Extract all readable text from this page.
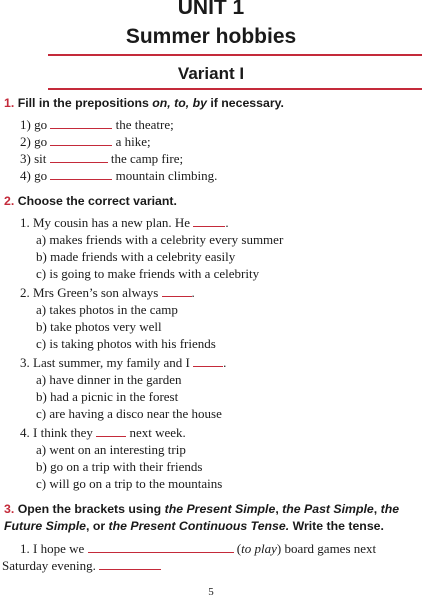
UNIT 1
Summer hobbies
Variant I
1. Fill in the prepositions on, to, by if necessary.
1) go	the theatre;
2) go	a hike;
3) sit	the camp fire;
4) go	mountain climbing.
2. Choose the correct variant.
1. My cousin has a new plan. He	.
a) makes friends with a celebrity every summer
b) made friends with a celebrity easily
c) is going to make friends with a celebrity
2. Mrs Green’s son always	.
a) takes photos in the camp
b) take photos very well
c) is taking photos with his friends
3. Last summer, my family and I	.
a) have dinner in the garden
b) had a picnic in the forest
c) are having a disco near the house
4. I think they	next week.
a) went on an interesting trip
b) go on a trip with their friends
c) will go on a trip to the mountains
3. Open the brackets using the Present Simple, the Past Simple, the
Future Simple, or the Present Continuous Tense. Write the tense.
1. I hope we	(to play) board games next
Saturday evening.
5
